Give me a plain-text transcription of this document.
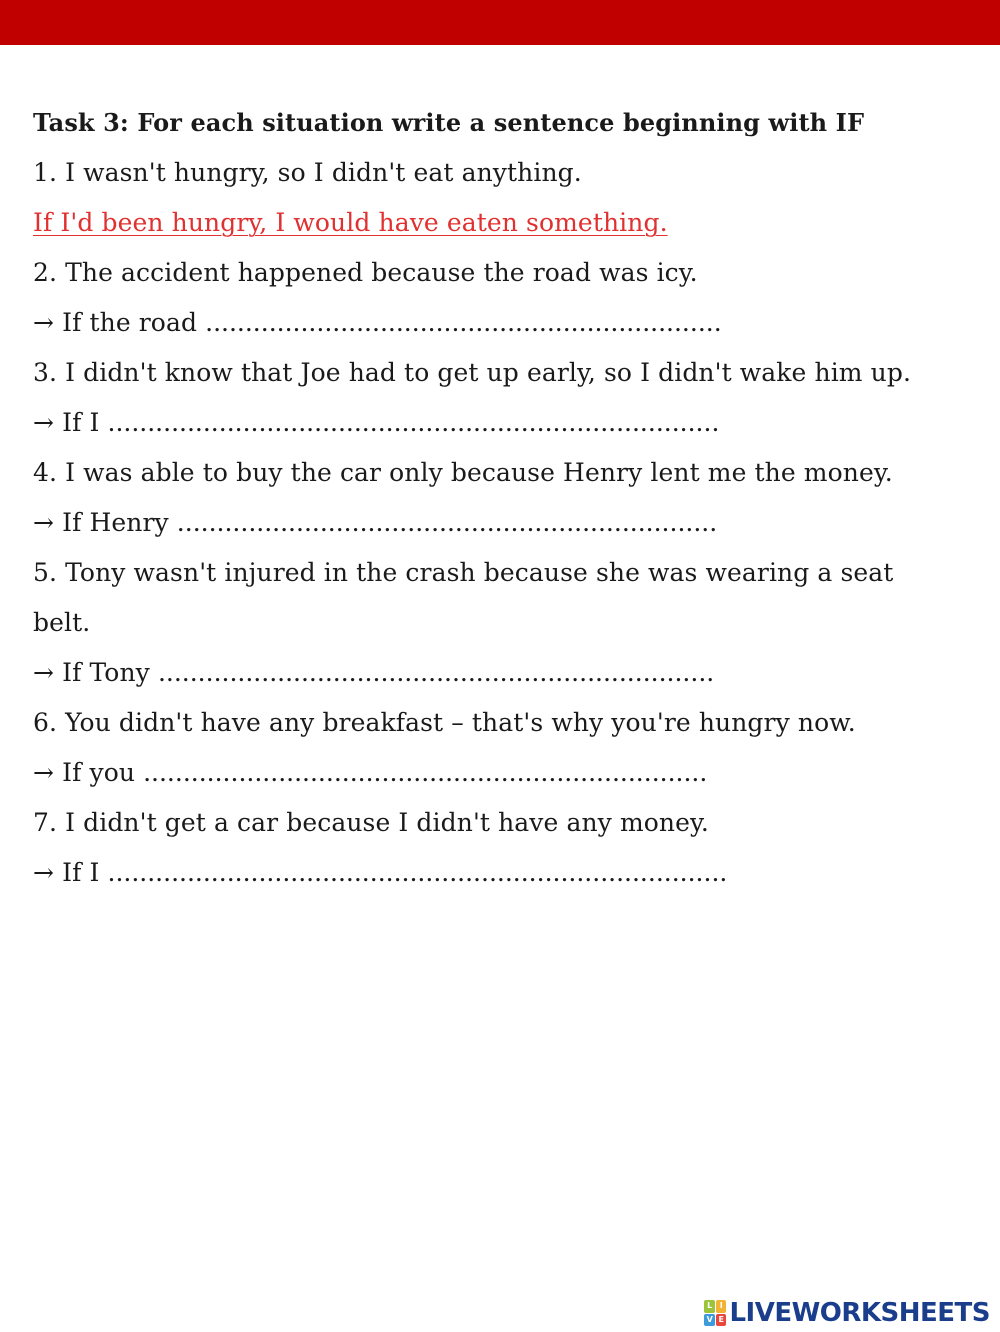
Task 3: For each situation write a sentence beginning with IF
1. I wasn't hungry, so I didn't eat anything.
If I'd been hungry, I would have eaten something.
2. The accident happened because the road was icy.
→ If the road .................................................................
3. I didn't know that Joe had to get up early, so I didn't wake him up.
→ If I .............................................................................
4. I was able to buy the car only because Henry lent me the money.
→ If Henry ....................................................................
5. Tony wasn't injured in the crash because she was wearing a seat
belt.
→ If Tony ......................................................................
6. You didn't have any breakfast – that's why you're hungry now.
→ If you .......................................................................
7. I didn't get a car because I didn't have any money.
→ If I ..............................................................................
L I
V E LIVEWORKSHEETS
